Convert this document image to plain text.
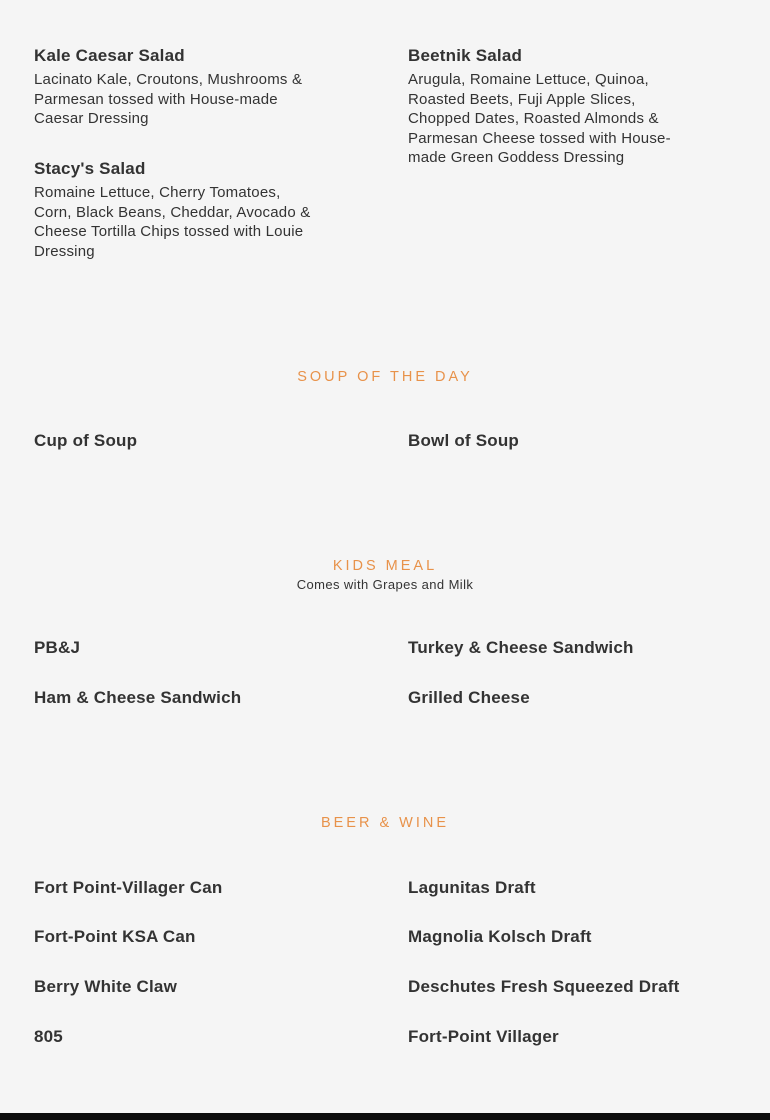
Kale Caesar Salad

Lacinato Kale, Croutons, Mushrooms & Parmesan tossed with House-made Caesar Dressing

Beetnik Salad

Arugula, Romaine Lettuce, Quinoa, Roasted Beets, Fuji Apple Slices, Chopped Dates, Roasted Almonds & Parmesan Cheese tossed with House-made Green Goddess Dressing

Stacy's Salad

Romaine Lettuce, Cherry Tomatoes, Corn, Black Beans, Cheddar, Avocado & Cheese Tortilla Chips tossed with Louie Dressing

SOUP OF THE DAY

Cup of Soup	Bowl of Soup

KIDS MEAL

Comes with Grapes and Milk

PB&J	Turkey & Cheese Sandwich

Ham & Cheese Sandwich	Grilled Cheese

BEER & WINE

Fort Point-Villager Can	Lagunitas Draft

Fort-Point KSA Can	Magnolia Kolsch Draft

Berry White Claw	Deschutes Fresh Squeezed Draft

805	Fort-Point Villager
